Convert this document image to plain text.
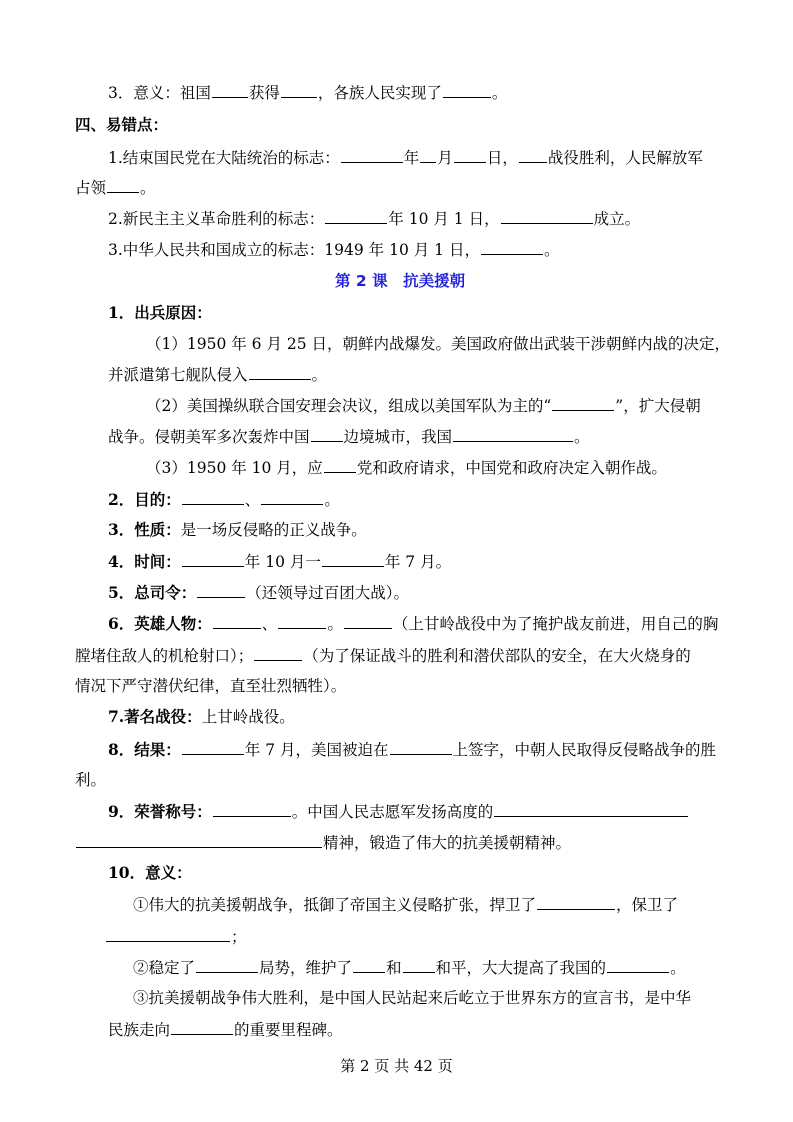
3．意义：祖国 获得 ，各族人民实现了	。
四、易错点：
1.结束国民党在大陆统治的标志：	年 月 日， 战役胜利，人民解放军
占领 。
2.新民主主义革命胜利的标志：	年 10 月 1 日，	成立。
3.中华人民共和国成立的标志：1949 年 10 月 1 日，	。
第 2 课　抗美援朝
1．出兵原因：
（1）1950 年 6 月 25 日，朝鲜内战爆发。美国政府做出武装干涉朝鲜内战的决定，
并派遣第七舰队侵入	。
（2）美国操纵联合国安理会决议，组成以美国军队为主的“	”，扩大侵朝
战争。侵朝美军多次轰炸中国 边境城市，我国	。
（3）1950 年 10 月，应 党和政府请求，中国党和政府决定入朝作战。
2．目的：	、	。
3．性质：是一场反侵略的正义战争。
4．时间：	年 10 月一	年 7 月。
5．总司令：	（还领导过百团大战）。
6．英雄人物：	、	。	（上甘岭战役中为了掩护战友前进，用自己的胸
膛堵住敌人的机枪射口）；	（为了保证战斗的胜利和潜伏部队的安全，在大火烧身的
情况下严守潜伏纪律，直至壮烈牺牲）。
7.著名战役：上甘岭战役。
8．结果：	年 7 月，美国被迫在	上签字，中朝人民取得反侵略战争的胜
利。
9．荣誉称号：	。中国人民志愿军发扬高度的
精神，锻造了伟大的抗美援朝精神。
10．意义：
①伟大的抗美援朝战争，抵御了帝国主义侵略扩张，捍卫了	，保卫了
；
②稳定了	局势，维护了 和 和平，大大提高了我国的	。
③抗美援朝战争伟大胜利，是中国人民站起来后屹立于世界东方的宣言书，是中华
民族走向	的重要里程碑。
第 2 页 共 42 页
